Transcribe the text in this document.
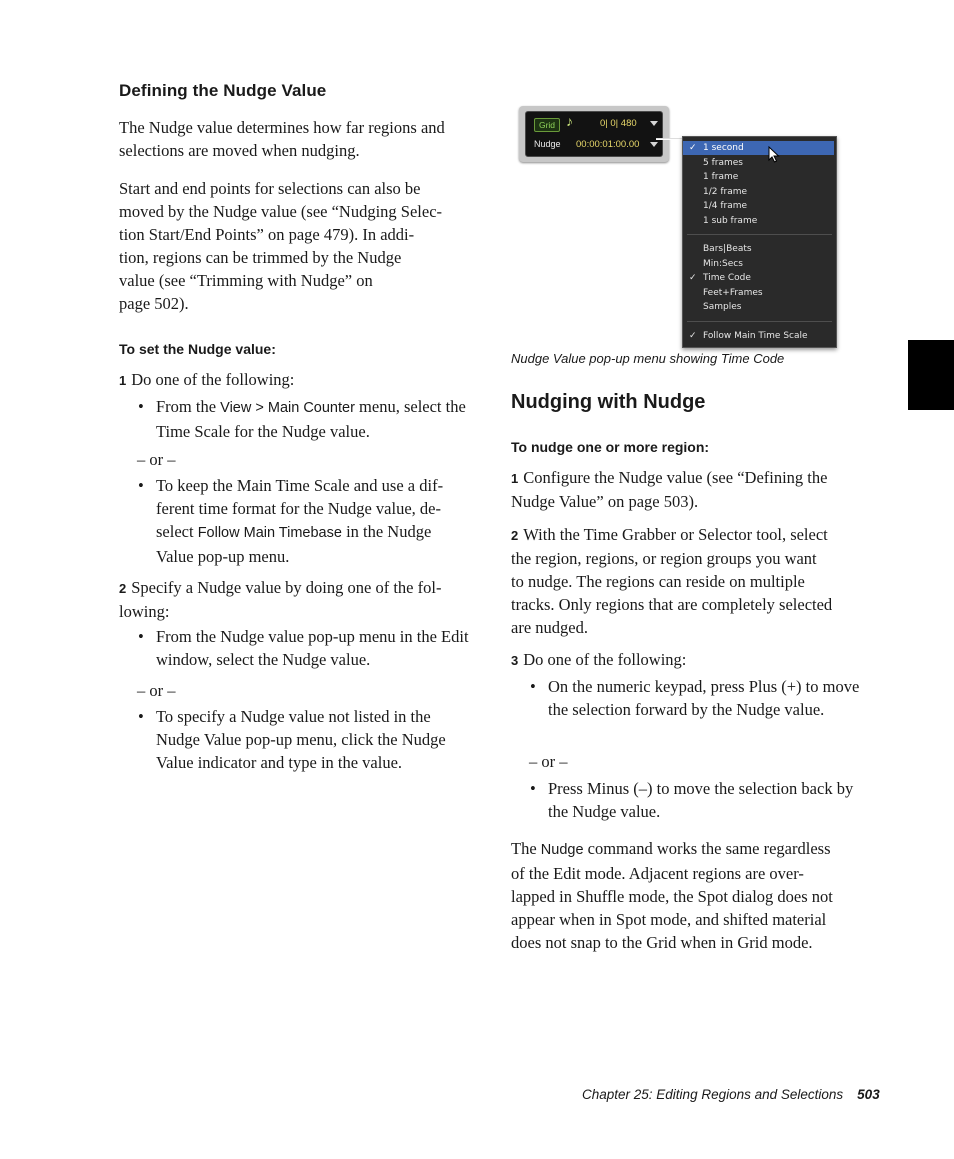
Defining the Nudge Value

The Nudge value determines how far regions and selections are moved when nudging.

Start and end points for selections can also be
moved by the Nudge value (see “Nudging Selec-
tion Start/End Points” on page 479). In addi-
tion, regions can be trimmed by the Nudge
value (see “Trimming with Nudge” on
page 502).
To set the Nudge value:
1 Do one of the following:
• From the View > Main Counter menu, select the Time Scale for the Nudge value.
– or –
• To keep the Main Time Scale and use a dif-
ferent time format for the Nudge value, de-
select Follow Main Timebase in the Nudge
Value pop-up menu.
2 Specify a Nudge value by doing one of the fol-
lowing:
• From the Nudge value pop-up menu in the Edit window, select the Nudge value.
– or –
• To specify a Nudge value not listed in the Nudge Value pop-up menu, click the Nudge Value indicator and type in the value.
Grid ♪	0| 0| 480
Nudge 00:00:01:00.00	✓ 1 second
5 frames
1 frame
1/2 frame
1/4 frame
1 sub frame
Bars|Beats
Min:Secs
✓ Time Code
Feet+Frames
Samples
✓ Follow Main Time Scale
Nudge Value pop-up menu showing Time Code
Nudging with Nudge
To nudge one or more region:
1 Configure the Nudge value (see “Defining the
Nudge Value” on page 503).
2 With the Time Grabber or Selector tool, select
the region, regions, or region groups you want
to nudge. The regions can reside on multiple
tracks. Only regions that are completely selected
are nudged.
3 Do one of the following:
• On the numeric keypad, press Plus (+) to move the selection forward by the Nudge value.
– or –
• Press Minus (–) to move the selection back by the Nudge value.
The Nudge command works the same regardless
of the Edit mode. Adjacent regions are over-
lapped in Shuffle mode, the Spot dialog does not
appear when in Spot mode, and shifted material
does not snap to the Grid when in Grid mode.
Chapter 25: Editing Regions and Selections 503
